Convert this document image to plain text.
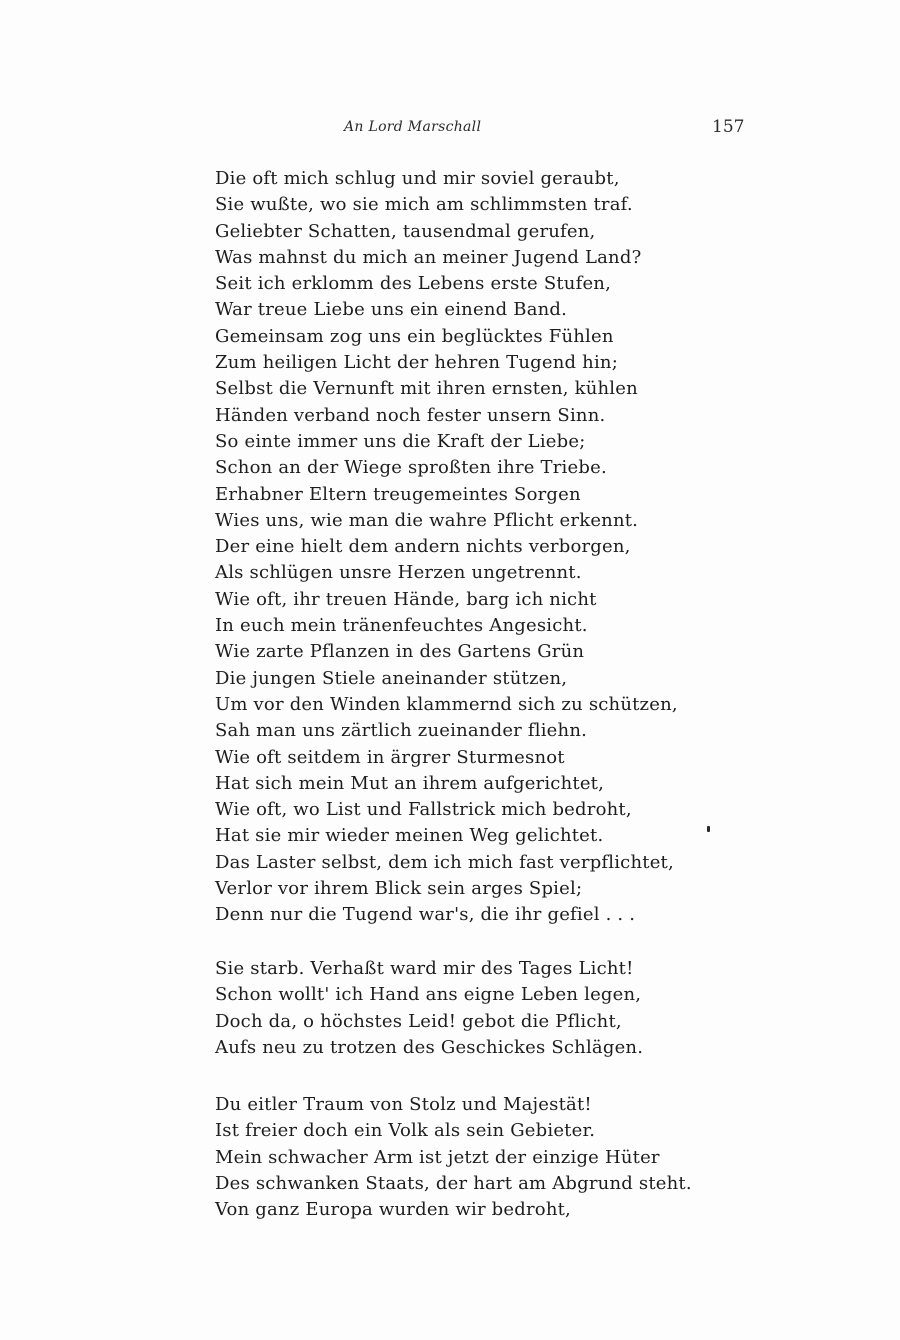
An Lord Marschall	157
Die oft mich schlug und mir soviel geraubt,
Sie wußte, wo sie mich am schlimmsten traf.
Geliebter Schatten, tausendmal gerufen,
Was mahnst du mich an meiner Jugend Land?
Seit ich erklomm des Lebens erste Stufen,
War treue Liebe uns ein einend Band.
Gemeinsam zog uns ein beglücktes Fühlen
Zum heiligen Licht der hehren Tugend hin;
Selbst die Vernunft mit ihren ernsten, kühlen
Händen verband noch fester unsern Sinn.
So einte immer uns die Kraft der Liebe;
Schon an der Wiege sproßten ihre Triebe.
Erhabner Eltern treugemeintes Sorgen
Wies uns, wie man die wahre Pflicht erkennt.
Der eine hielt dem andern nichts verborgen,
Als schlügen unsre Herzen ungetrennt.
Wie oft, ihr treuen Hände, barg ich nicht
In euch mein tränenfeuchtes Angesicht.
Wie zarte Pflanzen in des Gartens Grün
Die jungen Stiele aneinander stützen,
Um vor den Winden klammernd sich zu schützen,
Sah man uns zärtlich zueinander fliehn.
Wie oft seitdem in ärgrer Sturmesnot
Hat sich mein Mut an ihrem aufgerichtet,
Wie oft, wo List und Fallstrick mich bedroht,
Hat sie mir wieder meinen Weg gelichtet.
Das Laster selbst, dem ich mich fast verpflichtet,
Verlor vor ihrem Blick sein arges Spiel;
Denn nur die Tugend war's, die ihr gefiel . . .
Sie starb. Verhaßt ward mir des Tages Licht!
Schon wollt' ich Hand ans eigne Leben legen,
Doch da, o höchstes Leid! gebot die Pflicht,
Aufs neu zu trotzen des Geschickes Schlägen.
Du eitler Traum von Stolz und Majestät!
Ist freier doch ein Volk als sein Gebieter.
Mein schwacher Arm ist jetzt der einzige Hüter
Des schwanken Staats, der hart am Abgrund steht.
Von ganz Europa wurden wir bedroht,
